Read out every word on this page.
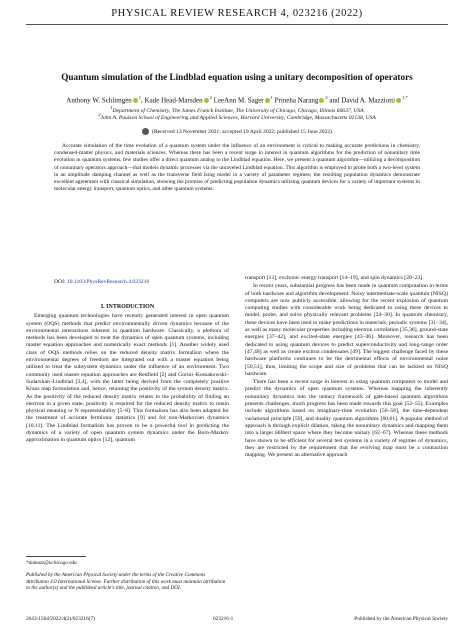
PHYSICAL REVIEW RESEARCH 4, 023216 (2022)
Quantum simulation of the Lindblad equation using a unitary decomposition of operators
Anthony W. Schlimgen $^1$, Kade Head-Marsden $^2$ LeeAnn M. Sager $^1$ Prineha Narang $^2$ and David A. Mazziotti $^{1,*}$
$^1$Department of Chemistry, The James Franck Institute, The University of Chicago, Chicago, Illinois 60637, USA
$^2$John A. Paulson School of Engineering and Applied Sciences, Harvard University, Cambridge, Massachusetts 02138, USA
(Received 13 November 2021; accepted 19 April 2022; published 15 June 2022)
Accurate simulation of the time evolution of a quantum system under the influence of an environment is critical to making accurate predictions in chemistry, condensed-matter physics, and materials sciences. Whereas there has been a recent surge in interest in quantum algorithms for the prediction of nonunitary time evolution in quantum systems, few studies offer a direct quantum analog to the Lindblad equation. Here, we present a quantum algorithm—utilizing a decomposition of nonunitary operators approach—that models dynamic processes via the unraveled Lindblad equation. This algorithm is employed to probe both a two-level system in an amplitude damping channel as well as the transverse field Ising model in a variety of parameter regimes; the resulting population dynamics demonstrate excellent agreement with classical simulation, showing the promise of predicting population dynamics utilizing quantum devices for a variety of important systems in molecular energy transport, quantum optics, and other quantum systems.
DOI: 10.1103/PhysRevResearch.4.023216
I. INTRODUCTION

Emerging quantum technologies have recently generated interest in open quantum system (OQS) methods that predict environmentally driven dynamics because of the environmental interactions inherent in quantum hardware. Classically, a plethora of methods has been developed to treat the dynamics of open quantum systems, including master equation approaches and numerically exact methods [1]. Another widely used class of OQS methods relies on the reduced density matrix formalism where the environmental degrees of freedom are integrated out with a master equation being utilized to treat the subsystem dynamics under the influence of an environment. Two commonly used master equation approaches are Redfield [2] and Gorini–Kossakowski–Sudarshan–Lindblad [3,4], with the latter being derived from the completely positive Kraus map formulation and, hence, retaining the positivity of the system density matrix. As the positivity of the reduced density matrix relates to the probability of finding an electron in a given state, positivity is required for the reduced density matrix to retain physical meaning or N representability [5–8]. This formalism has also been adapted for the treatment of accurate fermionic statistics [9] and for non-Markovian dynamics [10,11]. The Lindblad formalism has proven to be a powerful tool in predicting the dynamics of a variety of open quantum system dynamics under the Born-Markov approximation in quantum optics [12], quantum

transport [13], excitonic energy transport [14–19], and spin dynamics [20–23].

In recent years, substantial progress has been made in quantum computation in terms of both hardware and algorithm development. Noisy intermediate-scale quantum (NISQ) computers are now publicly accessible, allowing for the recent explosion of quantum computing studies with considerable work being dedicated to using these devices to model, probe, and solve physically relevant problems [24–30]. In quantum chemistry, these devices have been used to make predictions in materials, periodic systems [31–34], as well as many molecular properties including electron correlation [35,36], ground-state energies [37–42], and excited-state energies [43–46]. Moreover, research has been dedicated to using quantum devices to predict superconductivity and long-range order [47,48] as well as create exciton condensates [49]. The biggest challenge faced by these hardware platforms continues to be the detrimental effects of environmental noise [50,51], thus, limiting the scope and size of problems that can be tackled on NISQ hardware.

There has been a recent surge in interest in using quantum computers to model and predict the dynamics of open quantum systems. Whereas mapping the inherently nonunitary dynamics into the unitary framework of gate-based quantum algorithms presents challenges, much progress has been made towards this goal [52–55]. Examples include algorithms based on imaginary-time evolution [56–58], the time-dependent variational principle [59], and duality quantum algorithms [60,61]. A popular method of approach is through explicit dilation, taking the nonunitary dynamics and mapping them into a larger Hilbert space where they become unitary [62–67]. Whereas these methods have shown to be efficient for several test systems in a variety of regimes of dynamics, they are restricted by the requirement that the evolving map must be a contraction mapping. We present an alternative approach

*damazz@uchicago.edu
Published by the American Physical Society under the terms of the Creative Commons Attribution 4.0 International license. Further distribution of this work must maintain attribution to the author(s) and the published article's title, journal citation, and DOI.
2643-1564/2022/4(2)/023216(7)	023216-1	Published by the American Physical Society
